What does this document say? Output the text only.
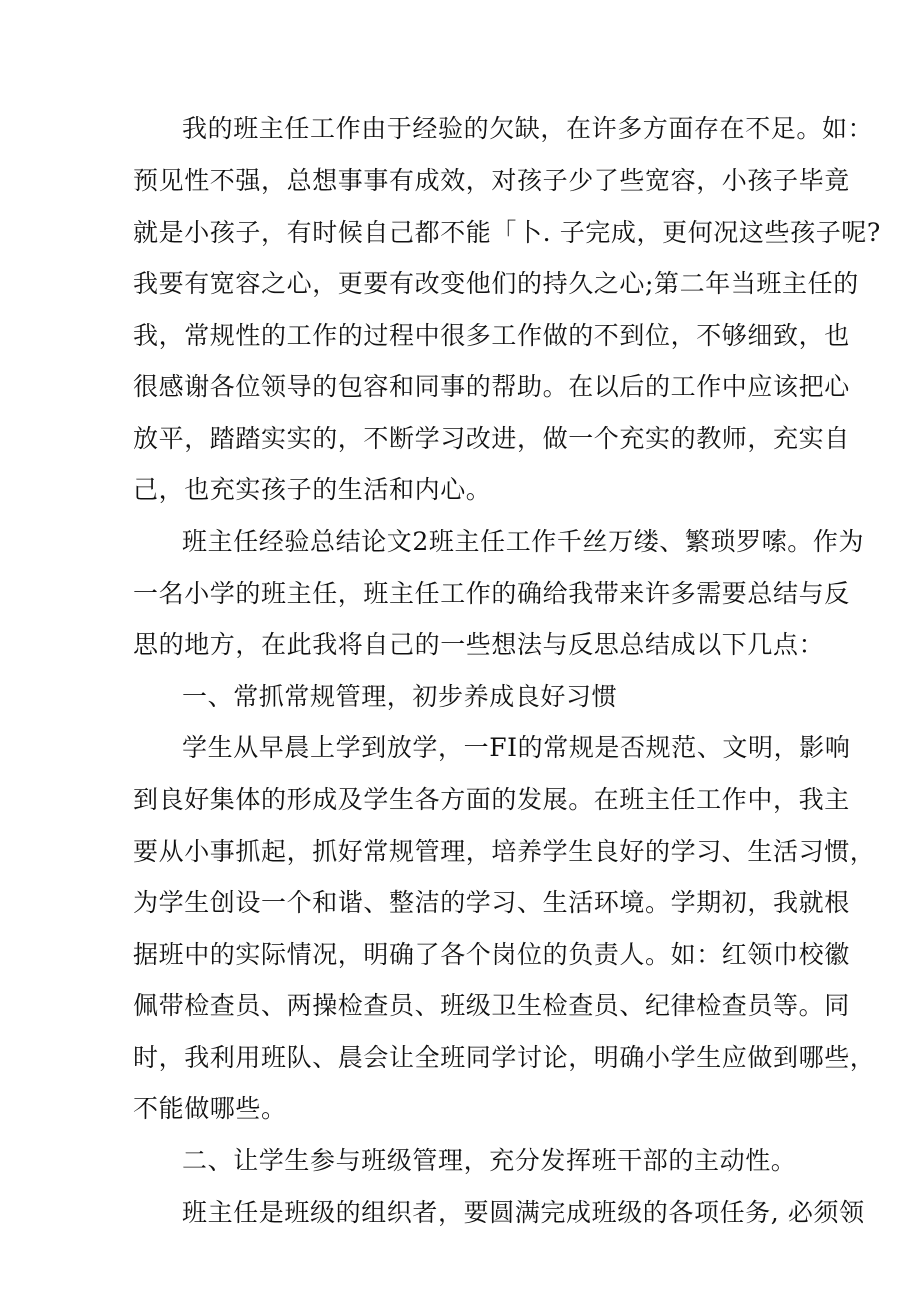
我的班主任工作由于经验的欠缺，在许多方面存在不足。如：
预见性不强，总想事事有成效，对孩子少了些宽容，小孩子毕竟
就是小孩子，有时候自己都不能「卜. 子完成，更何况这些孩子呢?
我要有宽容之心，更要有改变他们的持久之心;第二年当班主任的
我，常规性的工作的过程中很多工作做的不到位，不够细致，也
很感谢各位领导的包容和同事的帮助。在以后的工作中应该把心
放平，踏踏实实的，不断学习改进，做一个充实的教师，充实自
己，也充实孩子的生活和内心。
班主任经验总结论文2班主任工作千丝万缕、繁琐罗嗦。作为
一名小学的班主任，班主任工作的确给我带来许多需要总结与反
思的地方，在此我将自己的一些想法与反思总结成以下几点：
一、常抓常规管理，初步养成良好习惯
学生从早晨上学到放学，一FI的常规是否规范、文明，影响
到良好集体的形成及学生各方面的发展。在班主任工作中，我主
要从小事抓起，抓好常规管理，培养学生良好的学习、生活习惯，
为学生创设一个和谐、整洁的学习、生活环境。学期初，我就根
据班中的实际情况，明确了各个岗位的负责人。如：红领巾校徽
佩带检查员、两操检查员、班级卫生检查员、纪律检查员等。同
时，我利用班队、晨会让全班同学讨论，明确小学生应做到哪些，
不能做哪些。
二、让学生参与班级管理，充分发挥班干部的主动性。
班主任是班级的组织者，要圆满完成班级的各项任务, 必须领
